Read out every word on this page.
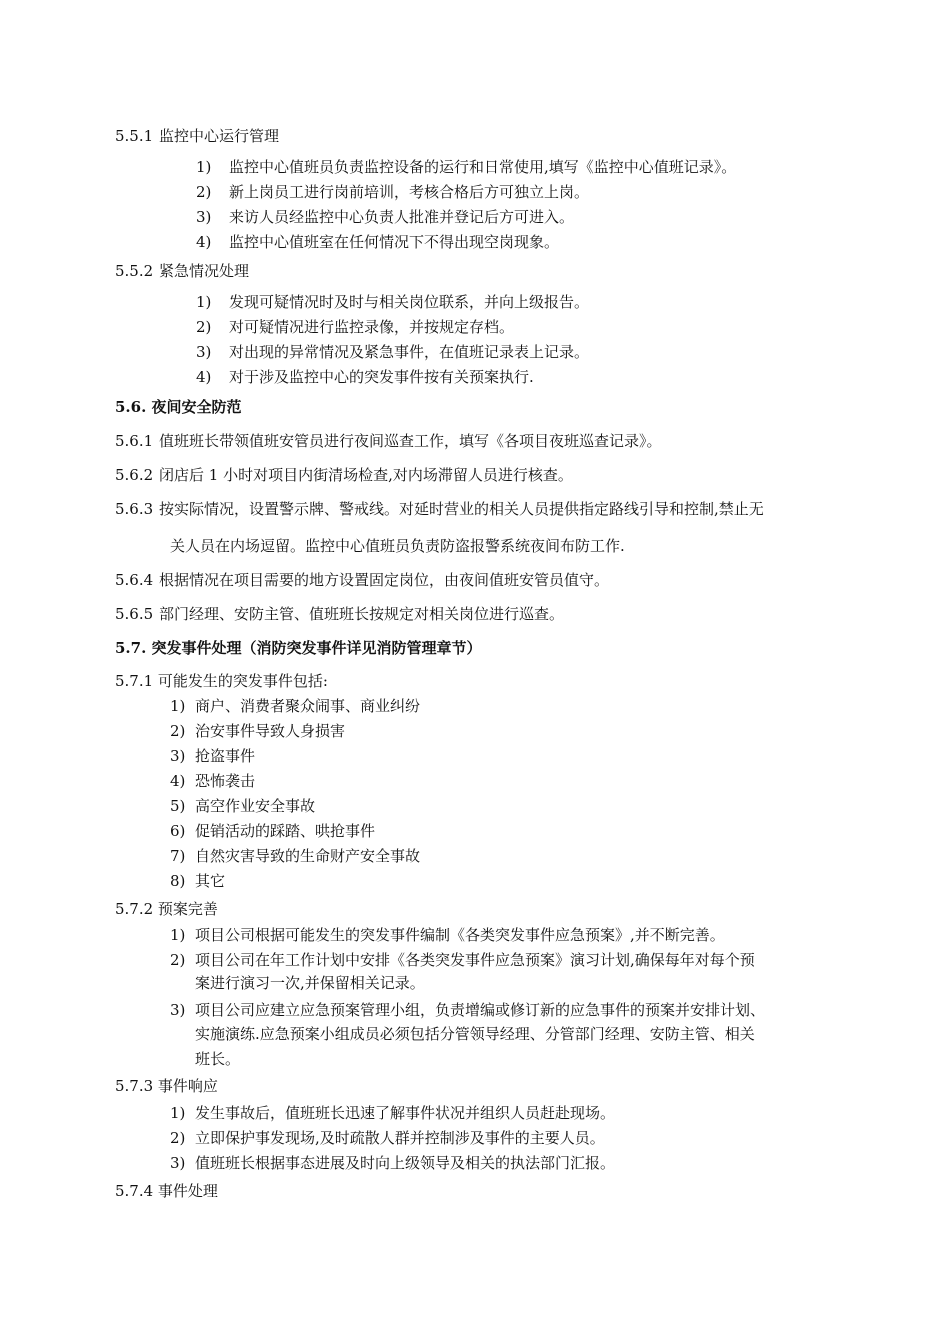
5.5.1 监控中心运行管理
1) 监控中心值班员负责监控设备的运行和日常使用,填写《监控中心值班记录》。
2) 新上岗员工进行岗前培训，考核合格后方可独立上岗。
3) 来访人员经监控中心负责人批准并登记后方可进入。
4) 监控中心值班室在任何情况下不得出现空岗现象。
5.5.2 紧急情况处理
1) 发现可疑情况时及时与相关岗位联系，并向上级报告。
2) 对可疑情况进行监控录像，并按规定存档。
3) 对出现的异常情况及紧急事件，在值班记录表上记录。
4) 对于涉及监控中心的突发事件按有关预案执行.
5.6. 夜间安全防范
5.6.1 值班班长带领值班安管员进行夜间巡查工作，填写《各项目夜班巡查记录》。
5.6.2 闭店后 1 小时对项目内街清场检查,对内场滞留人员进行核查。
5.6.3 按实际情况，设置警示牌、警戒线。对延时营业的相关人员提供指定路线引导和控制,禁止无
关人员在内场逗留。监控中心值班员负责防盗报警系统夜间布防工作.
5.6.4 根据情况在项目需要的地方设置固定岗位，由夜间值班安管员值守。
5.6.5 部门经理、安防主管、值班班长按规定对相关岗位进行巡查。
5.7. 突发事件处理（消防突发事件详见消防管理章节）
5.7.1 可能发生的突发事件包括:
1) 商户、消费者聚众闹事、商业纠纷
2) 治安事件导致人身损害
3) 抢盗事件
4) 恐怖袭击
5) 高空作业安全事故
6) 促销活动的踩踏、哄抢事件
7) 自然灾害导致的生命财产安全事故
8) 其它
5.7.2 预案完善
1) 项目公司根据可能发生的突发事件编制《各类突发事件应急预案》,并不断完善。
2) 项目公司在年工作计划中安排《各类突发事件应急预案》演习计划,确保每年对每个预
案进行演习一次,并保留相关记录。
3) 项目公司应建立应急预案管理小组，负责增编或修订新的应急事件的预案并安排计划、
实施演练.应急预案小组成员必须包括分管领导经理、分管部门经理、安防主管、相关
班长。
5.7.3 事件响应
1) 发生事故后，值班班长迅速了解事件状况并组织人员赶赴现场。
2) 立即保护事发现场,及时疏散人群并控制涉及事件的主要人员。
3) 值班班长根据事态进展及时向上级领导及相关的执法部门汇报。
5.7.4 事件处理
